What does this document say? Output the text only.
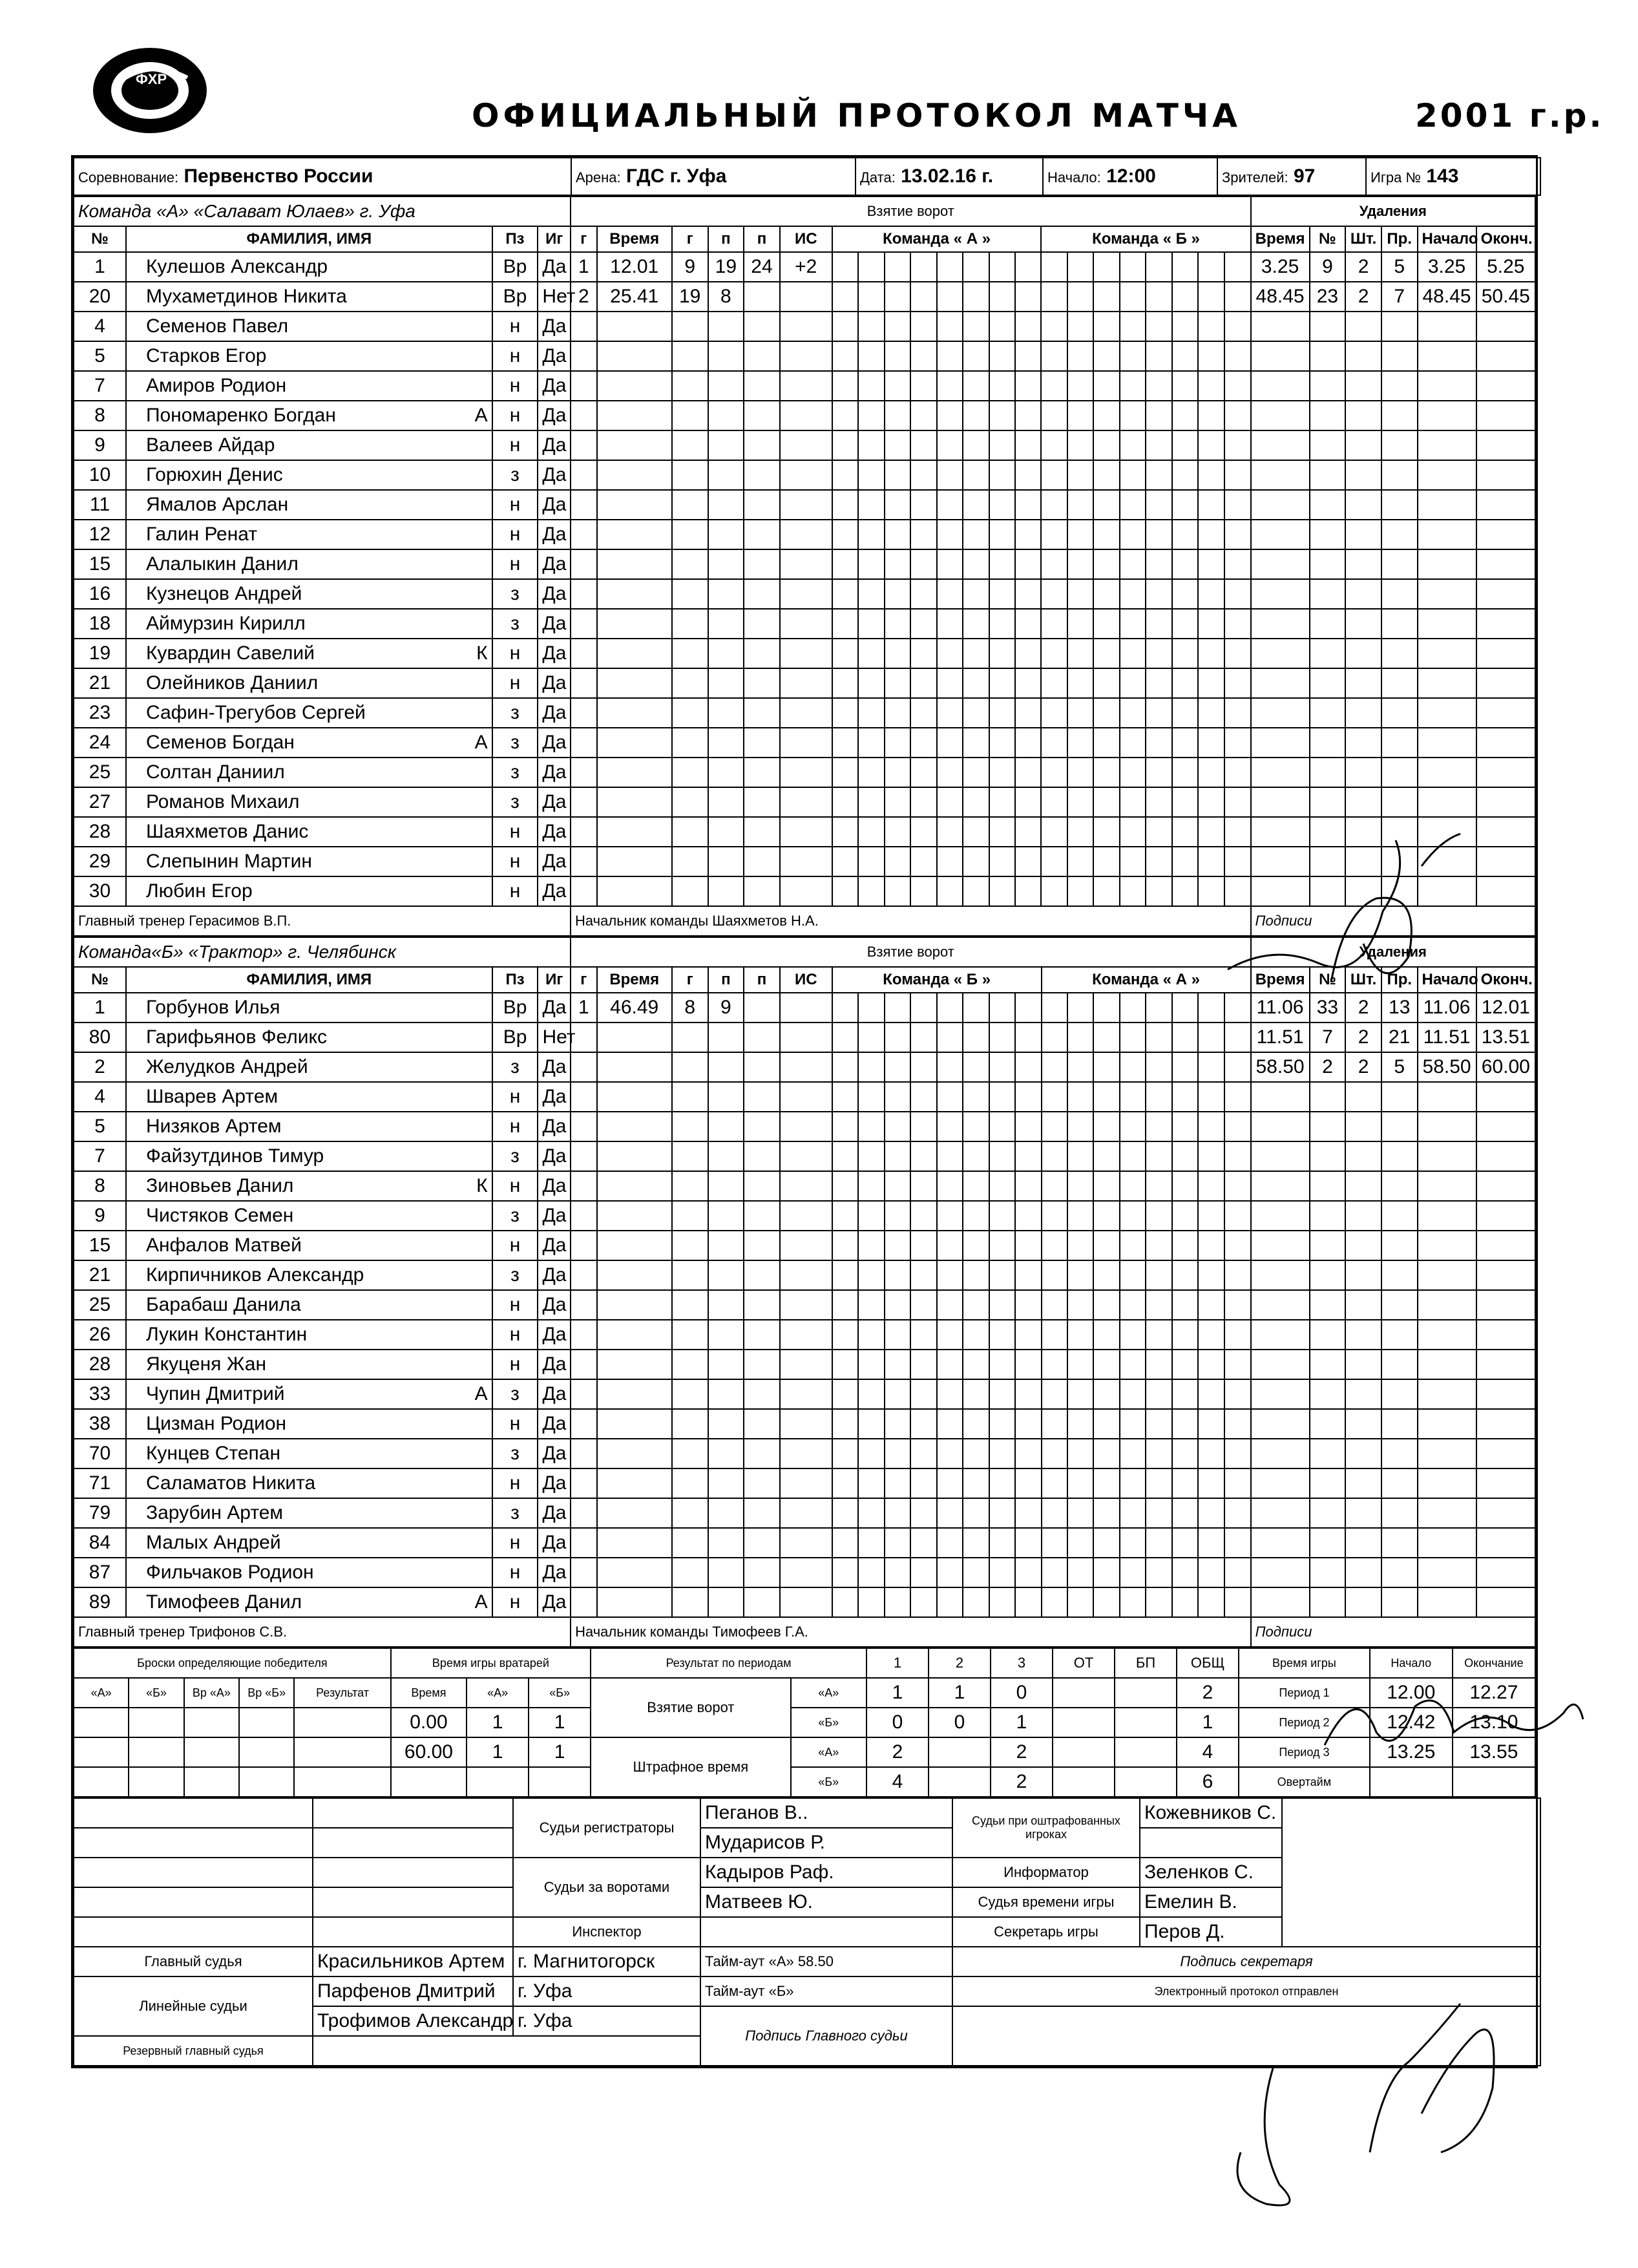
ФХР
ОФИЦИАЛЬНЫЙ ПРОТОКОЛ МАТЧА	2001 г.р.
Соревнование: Первенство России	Арена: ГДС г. Уфа	Дата: 13.02.16 г.	Начало: 12:00	Зрителей: 97	Игра № 143
Команда «А» «Салават Юлаев» г. Уфа				Взятие ворот																						Удаления					
№	ФАМИЛИЯ, ИМЯ	Пз	Иг	г	Время	г	п	п	ИС	Команда « А »								Команда « Б »								Время	№	Шт.	Пр.	Начало	Оконч.
1	Кулешов Александр	Вр	Да	1	12.01	9	19	24	+2																	3.25	9	2	5	3.25	5.25
20	Мухаметдинов Никита	Вр	Нет	2	25.41	19	8																			48.45	23	2	7	48.45	50.45
4	Семенов Павел	н	Да																												
5	Старков Егор	н	Да																												
7	Амиров Родион	н	Да																												
8	Пономаренко Богдан А	н	Да																												
9	Валеев Айдар	н	Да																												
10	Горюхин Денис	з	Да																												
11	Ямалов Арслан	н	Да																												
12	Галин Ренат	н	Да																												
15	Алалыкин Данил	н	Да																												
16	Кузнецов Андрей	з	Да																												
18	Аймурзин Кирилл	з	Да																												
19	Кувардин Савелий К	н	Да																												
21	Олейников Даниил	н	Да																												
23	Сафин-Трегубов Сергей	з	Да																												
24	Семенов Богдан А	з	Да																												
25	Солтан Даниил	з	Да																												
27	Романов Михаил	з	Да																												
28	Шаяхметов Данис	н	Да																												
29	Слепынин Мартин	н	Да																												
30	Любин Егор	н	Да																												
Главный тренер Герасимов В.П.				Начальник команды Шаяхметов Н.А.																						Подписи					
Команда«Б» «Трактор» г. Челябинск				Взятие ворот																						Удаления					
№	ФАМИЛИЯ, ИМЯ	Пз	Иг	г	Время	г	п	п	ИС	Команда « Б »								Команда « А »								Время	№	Шт.	Пр.	Начало	Оконч.
1	Горбунов Илья	Вр	Да	1	46.49	8	9																			11.06	33	2	13	11.06	12.01
80	Гарифьянов Феликс	Вр	Нет																							11.51	7	2	21	11.51	13.51
2	Желудков Андрей	з	Да																							58.50	2	2	5	58.50	60.00
4	Шварев Артем	н	Да																												
5	Низяков Артем	н	Да																												
7	Файзутдинов Тимур	з	Да																												
8	Зиновьев Данил К	н	Да																												
9	Чистяков Семен	з	Да																												
15	Анфалов Матвей	н	Да																												
21	Кирпичников Александр	з	Да																												
25	Барабаш Данила	н	Да																												
26	Лукин Константин	н	Да																												
28	Якуценя Жан	н	Да																												
33	Чупин Дмитрий А	з	Да																												
38	Цизман Родион	н	Да																												
70	Кунцев Степан	з	Да																												
71	Саламатов Никита	н	Да																												
79	Зарубин Артем	з	Да																												
84	Малых Андрей	н	Да																												
87	Фильчаков Родион	н	Да																												
89	Тимофеев Данил А	н	Да																												
Главный тренер Трифонов С.В.				Начальник команды Тимофеев Г.А.																						Подписи					
Броски определяющие победителя					Время игры вратарей			Результат по периодам		1	2	3	ОТ	БП	ОБЩ	Время игры	Начало	Окончание
«А»	«Б»	Вр «А»	Вр «Б»	Результат	Время	«А»	«Б»	Взятие ворот	«А»	1	1	0			2	Период 1	12.00	12.27
					0.00	1	1		«Б»	0	0	1			1	Период 2	12.42	13.10
					60.00	1	1	Штрафное время	«А»	2		2			4	Период 3	13.25	13.55
									«Б»	4		2			6	Овертайм		
		Судьи регистраторы	Пеганов В..	Судьи при оштрафованных игроках	Кожевников С.	
			Мударисов Р.			
		Судьи за воротами	Кадыров Раф.	Информатор	Зеленков С.	
			Матвеев Ю.	Судья времени игры	Емелин В.	
		Инспектор		Секретарь игры	Перов Д.	
Главный судья	Красильников Артем	г. Магнитогорск	Тайм-аут «А» 58.50	Подпись секретаря		
Линейные судьи	Парфенов Дмитрий	г. Уфа	Тайм-аут «Б»	Электронный протокол отправлен		
	Трофимов Александр	г. Уфа	Подпись Главного судьи			
Резервный главный судья						
